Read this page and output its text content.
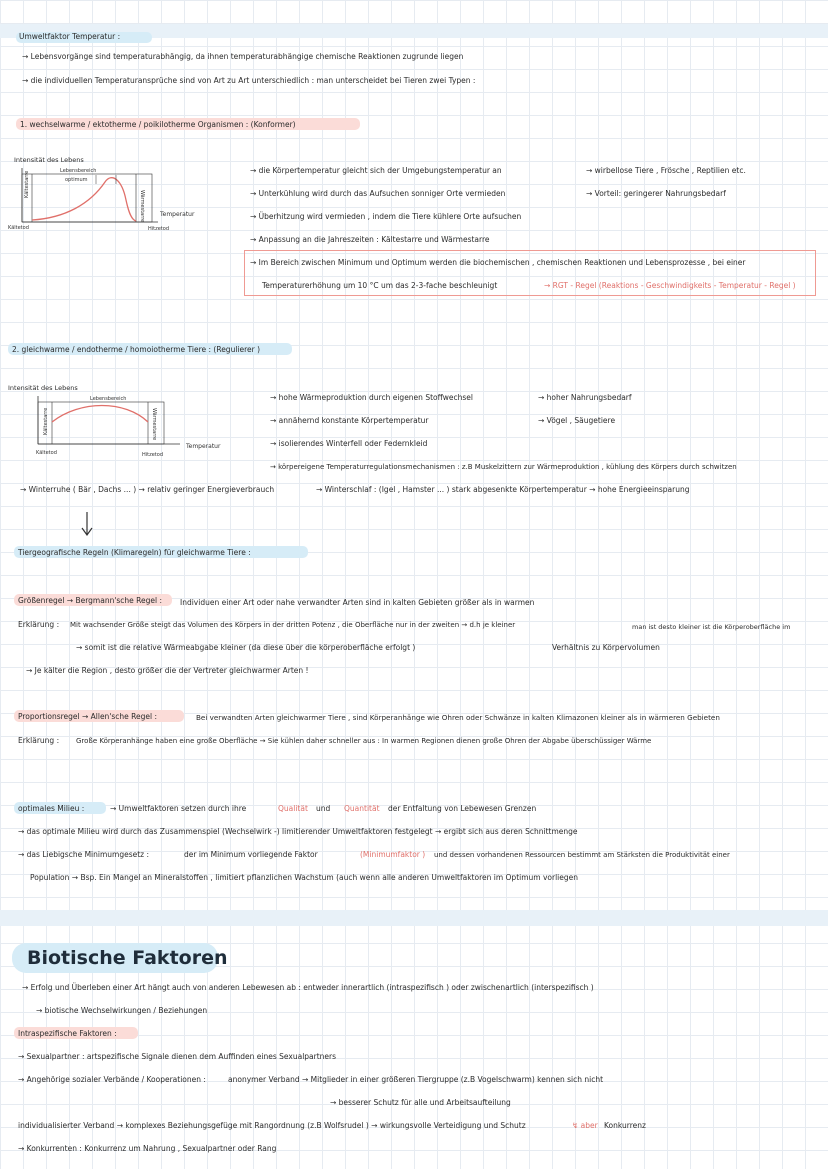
Umweltfaktor Temperatur :
→ Lebensvorgänge sind temperaturabhängig, da ihnen temperaturabhängige chemische Reaktionen zugrunde liegen
→ die individuellen Temperaturansprüche sind von Art zu Art unterschiedlich : man unterscheidet bei Tieren zwei Typen :
1. wechselwarme / ektotherme / poikilotherme Organismen : (Konformer)
Intensität des Lebens
Kältestarre
Wärmestarre
Lebensbereich
optimum
Kältetod	Hitzetod
Temperatur
→ die Körpertemperatur gleicht sich der Umgebungstemperatur an
→ Unterkühlung wird durch das Aufsuchen sonniger Orte vermieden
→ Überhitzung wird vermieden , indem die Tiere kühlere Orte aufsuchen
→ Anpassung an die Jahreszeiten : Kältestarre und Wärmestarre
→ wirbellose Tiere , Frösche , Reptilien etc.
→ Vorteil: geringerer Nahrungsbedarf
→ Im Bereich zwischen Minimum und Optimum werden die biochemischen , chemischen Reaktionen und Lebensprozesse , bei einer
Temperaturerhöhung um 10 °C um das 2-3-fache beschleunigt	→ RGT - Regel (Reaktions - Geschwindigkeits - Temperatur - Regel )
2. gleichwarme / endotherme / homoiotherme Tiere : (Regulierer )
Intensität des Lebens
Kältestarre	Wärmestarre
Lebensbereich
Kältetod	Hitzetod
Temperatur
→ hohe Wärmeproduktion durch eigenen Stoffwechsel
→ annähernd konstante Körpertemperatur
→ isolierendes Winterfell oder Federnkleid
→ körpereigene Temperaturregulationsmechanismen : z.B Muskelzittern zur Wärmeproduktion , kühlung des Körpers durch schwitzen
→ hoher Nahrungsbedarf
→ Vögel , Säugetiere
→ Winterruhe ( Bär , Dachs ... ) → relativ geringer Energieverbrauch	→ Winterschlaf : (Igel , Hamster ... ) stark abgesenkte Körpertemperatur → hohe Energieeinsparung
Tiergeografische Regeln (Klimaregeln) für gleichwarme Tiere :
Größenregel → Bergmann'sche Regel : Individuen einer Art oder nahe verwandter Arten sind in kalten Gebieten größer als in warmen
Erklärung : Mit wachsender Größe steigt das Volumen des Körpers in der dritten Potenz , die Oberfläche nur in der zweiten → d.h je kleiner	man ist desto kleiner ist die Körperoberfläche im
→ somit ist die relative Wärmeabgabe kleiner (da diese über die körperoberfläche erfolgt )	Verhältnis zu Körpervolumen
→ Je kälter die Region , desto größer die der Vertreter gleichwarmer Arten !
Proportionsregel → Allen'sche Regel :	Bei verwandten Arten gleichwarmer Tiere , sind Körperanhänge wie Ohren oder Schwänze in kalten Klimazonen kleiner als in wärmeren Gebieten
Erklärung : Große Körperanhänge haben eine große Oberfläche → Sie kühlen daher schneller aus : In warmen Regionen dienen große Ohren der Abgabe überschüssiger Wärme
optimales Milieu :	→ Umweltfaktoren setzen durch ihre	Qualität und Quantität der Entfaltung von Lebewesen Grenzen
→ das optimale Milieu wird durch das Zusammenspiel (Wechselwirk -) limitierender Umweltfaktoren festgelegt → ergibt sich aus deren Schnittmenge
→ das Liebigsche Minimumgesetz :	der im Minimum vorliegende Faktor	(Minimumfaktor ) und dessen vorhandenen Ressourcen bestimmt am Stärksten die Produktivität einer
Population → Bsp. Ein Mangel an Mineralstoffen , limitiert pflanzlichen Wachstum (auch wenn alle anderen Umweltfaktoren im Optimum vorliegen
Biotische Faktoren
→ Erfolg und Überleben einer Art hängt auch von anderen Lebewesen ab : entweder innerartlich (intraspezifisch ) oder zwischenartlich (interspezifisch )
→ biotische Wechselwirkungen / Beziehungen
Intraspezifische Faktoren :
→ Sexualpartner : artspezifische Signale dienen dem Auffinden eines Sexualpartners
→ Angehörige sozialer Verbände / Kooperationen :	anonymer Verband → Mitglieder in einer größeren Tiergruppe (z.B Vogelschwarm) kennen sich nicht
→ besserer Schutz für alle und Arbeitsaufteilung
individualisierter Verband → komplexes Beziehungsgefüge mit Rangordnung (z.B Wolfsrudel ) → wirkungsvolle Verteidigung und Schutz	↯ aber Konkurrenz
→ Konkurrenten : Konkurrenz um Nahrung , Sexualpartner oder Rang
